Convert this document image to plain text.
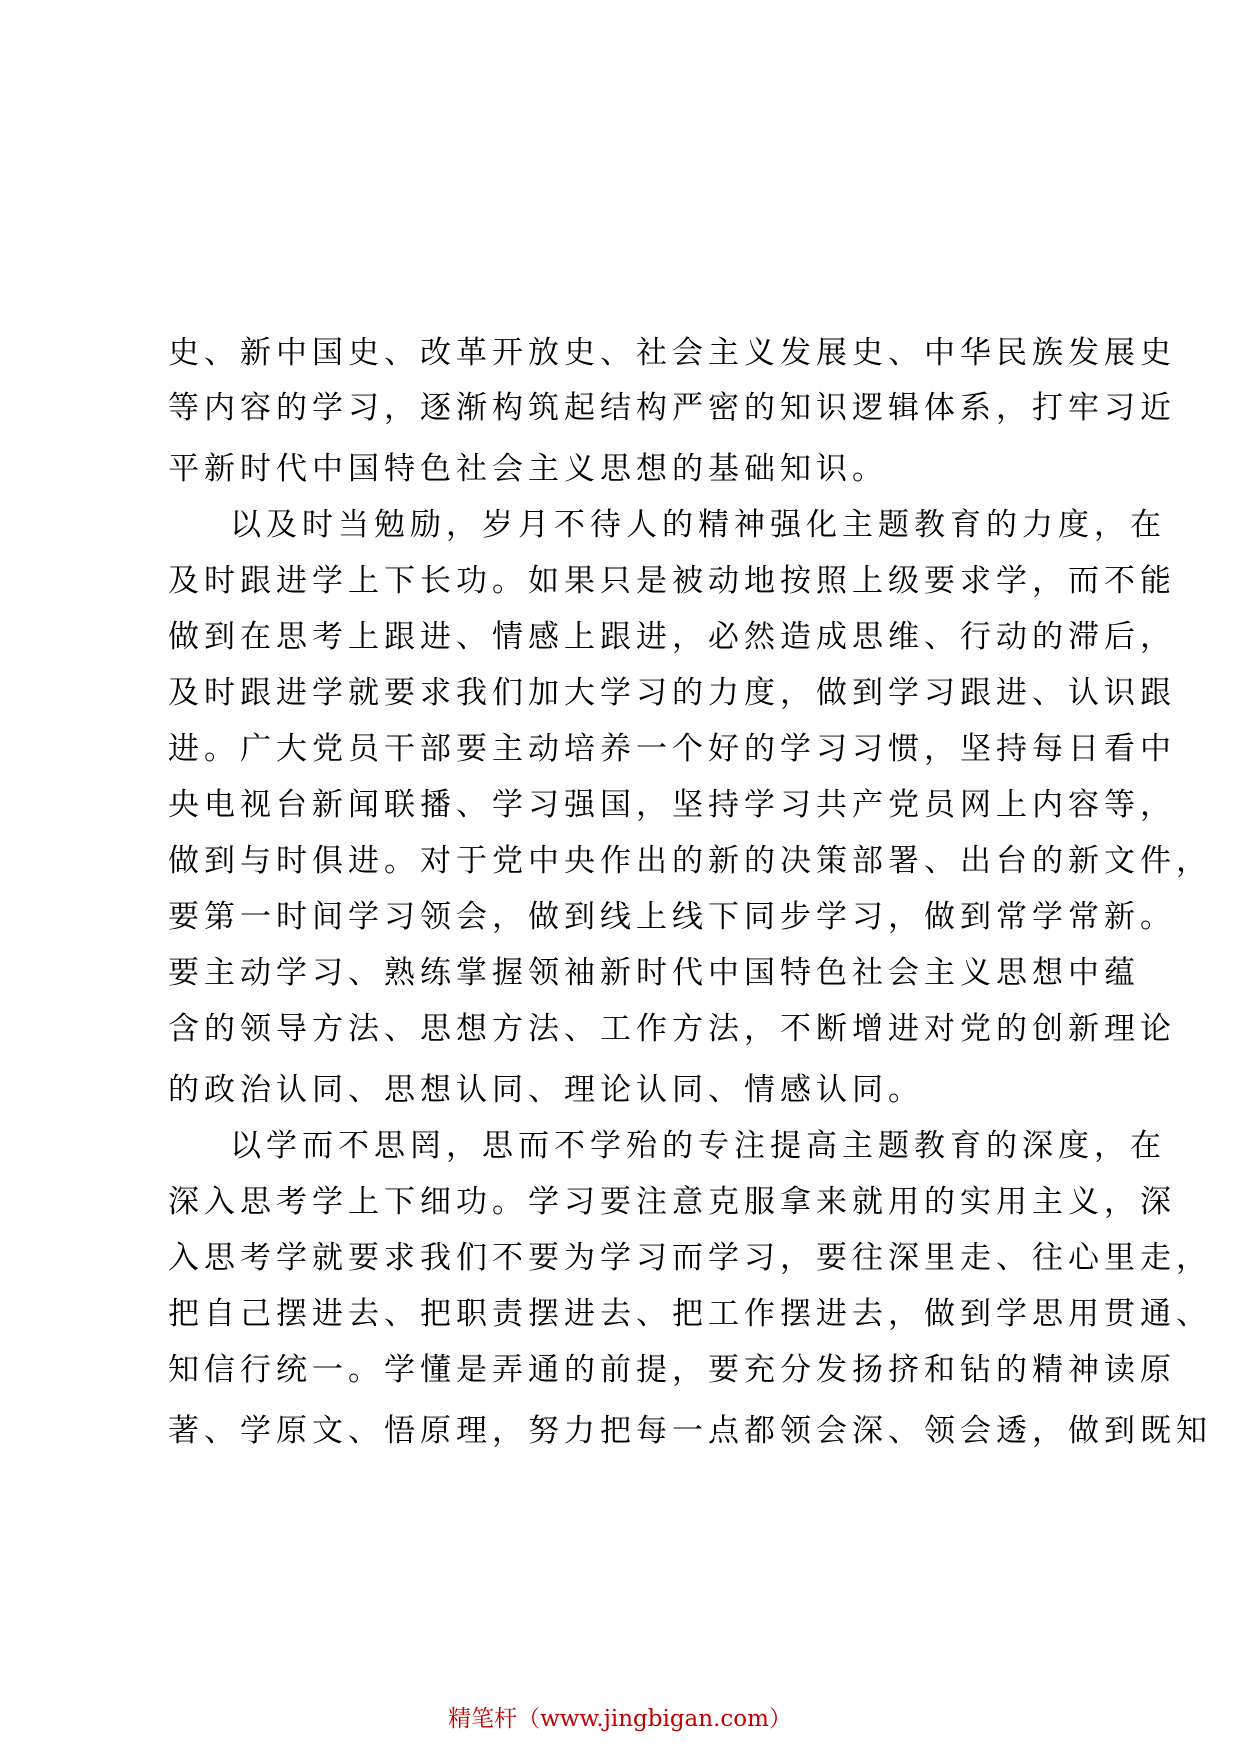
史、新中国史、改革开放史、社会主义发展史、中华民族发展史
等内容的学习，逐渐构筑起结构严密的知识逻辑体系，打牢习近
平新时代中国特色社会主义思想的基础知识。
以及时当勉励，岁月不待人的精神强化主题教育的力度，在
及时跟进学上下长功。如果只是被动地按照上级要求学，而不能
做到在思考上跟进、情感上跟进，必然造成思维、行动的滞后，
及时跟进学就要求我们加大学习的力度，做到学习跟进、认识跟
进。广大党员干部要主动培养一个好的学习习惯，坚持每日看中
央电视台新闻联播、学习强国，坚持学习共产党员网上内容等，
做到与时俱进。对于党中央作出的新的决策部署、出台的新文件，
要第一时间学习领会，做到线上线下同步学习，做到常学常新。
要主动学习、熟练掌握领袖新时代中国特色社会主义思想中蕴
含的领导方法、思想方法、工作方法，不断增进对党的创新理论
的政治认同、思想认同、理论认同、情感认同。
以学而不思罔，思而不学殆的专注提高主题教育的深度，在
深入思考学上下细功。学习要注意克服拿来就用的实用主义，深
入思考学就要求我们不要为学习而学习，要往深里走、往心里走，
把自己摆进去、把职责摆进去、把工作摆进去，做到学思用贯通、
知信行统一。学懂是弄通的前提，要充分发扬挤和钻的精神读原
著、学原文、悟原理，努力把每一点都领会深、领会透，做到既知
精笔杆（www.jingbigan.com）
